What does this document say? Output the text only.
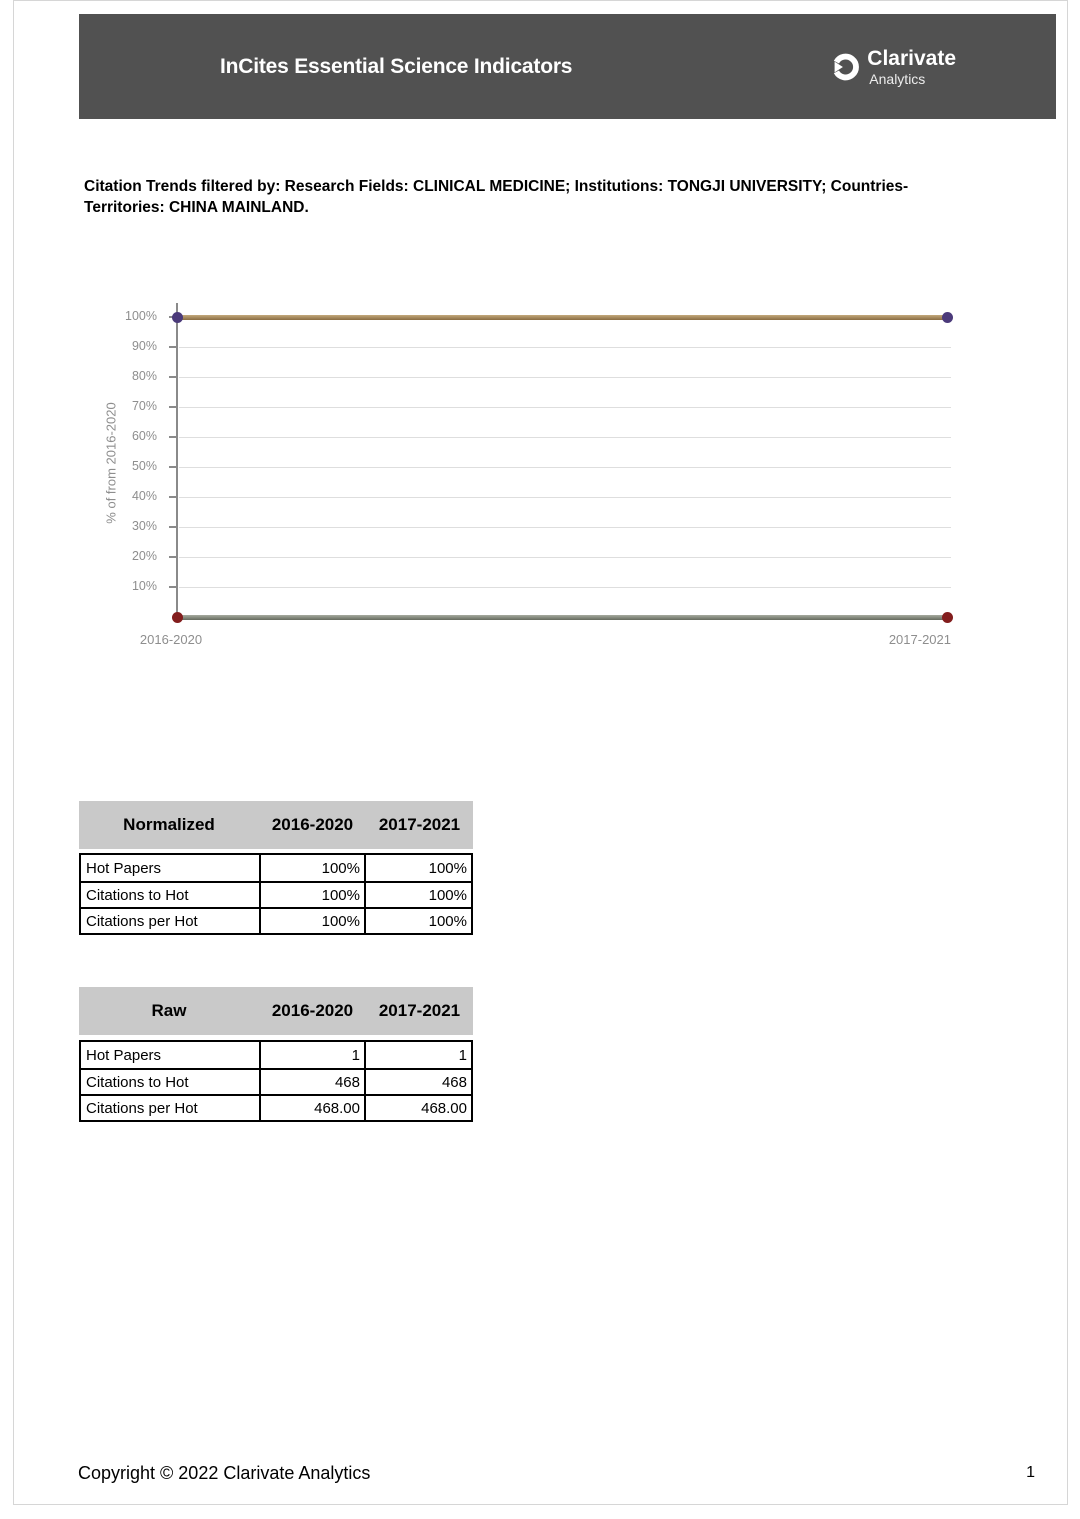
InCites Essential Science Indicators	Clarivate
Analytics
Citation Trends filtered by: Research Fields: CLINICAL MEDICINE; Institutions: TONGJI UNIVERSITY; Countries-Territories: CHINA MAINLAND.
% of from 2016-2020
2016-2020	2017-2021
100%
90%
80%
70%
60%
50%
40%
30%
20%
10%
Normalized	2016-2020	2017-2021
Hot Papers	100%	100%
Citations to Hot	100%	100%
Citations per Hot	100%	100%
Raw	2016-2020	2017-2021
Hot Papers	1	1
Citations to Hot	468	468
Citations per Hot	468.00	468.00
Copyright © 2022 Clarivate Analytics	1
